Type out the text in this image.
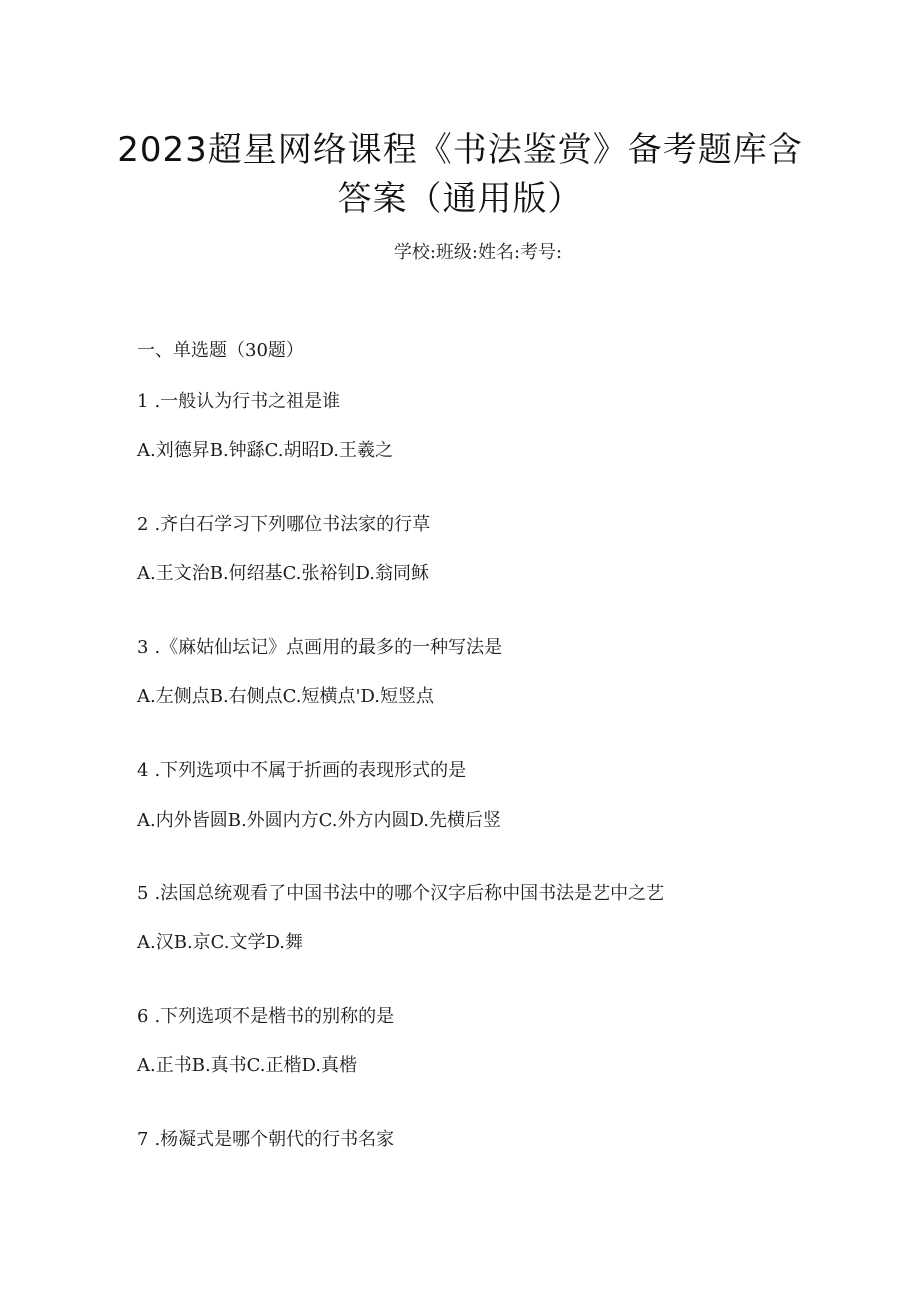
2023超星网络课程《书法鉴赏》备考题库含
答案（通用版）
学校:班级:姓名:考号:
一、单选题（30题）
1 .一般认为行书之祖是谁
A.刘德昇B.钟繇C.胡昭D.王羲之
2 .齐白石学习下列哪位书法家的行草
A.王文治B.何绍基C.张裕钊D.翁同稣
3 .《麻姑仙坛记》点画用的最多的一种写法是
A.左侧点B.右侧点C.短横点'D.短竖点
4 .下列选项中不属于折画的表现形式的是
A.内外皆圆B.外圆内方C.外方内圆D.先横后竖
5 .法国总统观看了中国书法中的哪个汉字后称中国书法是艺中之艺
A.汉B.京C.文学D.舞
6 .下列选项不是楷书的别称的是
A.正书B.真书C.正楷D.真楷
7 .杨凝式是哪个朝代的行书名家
